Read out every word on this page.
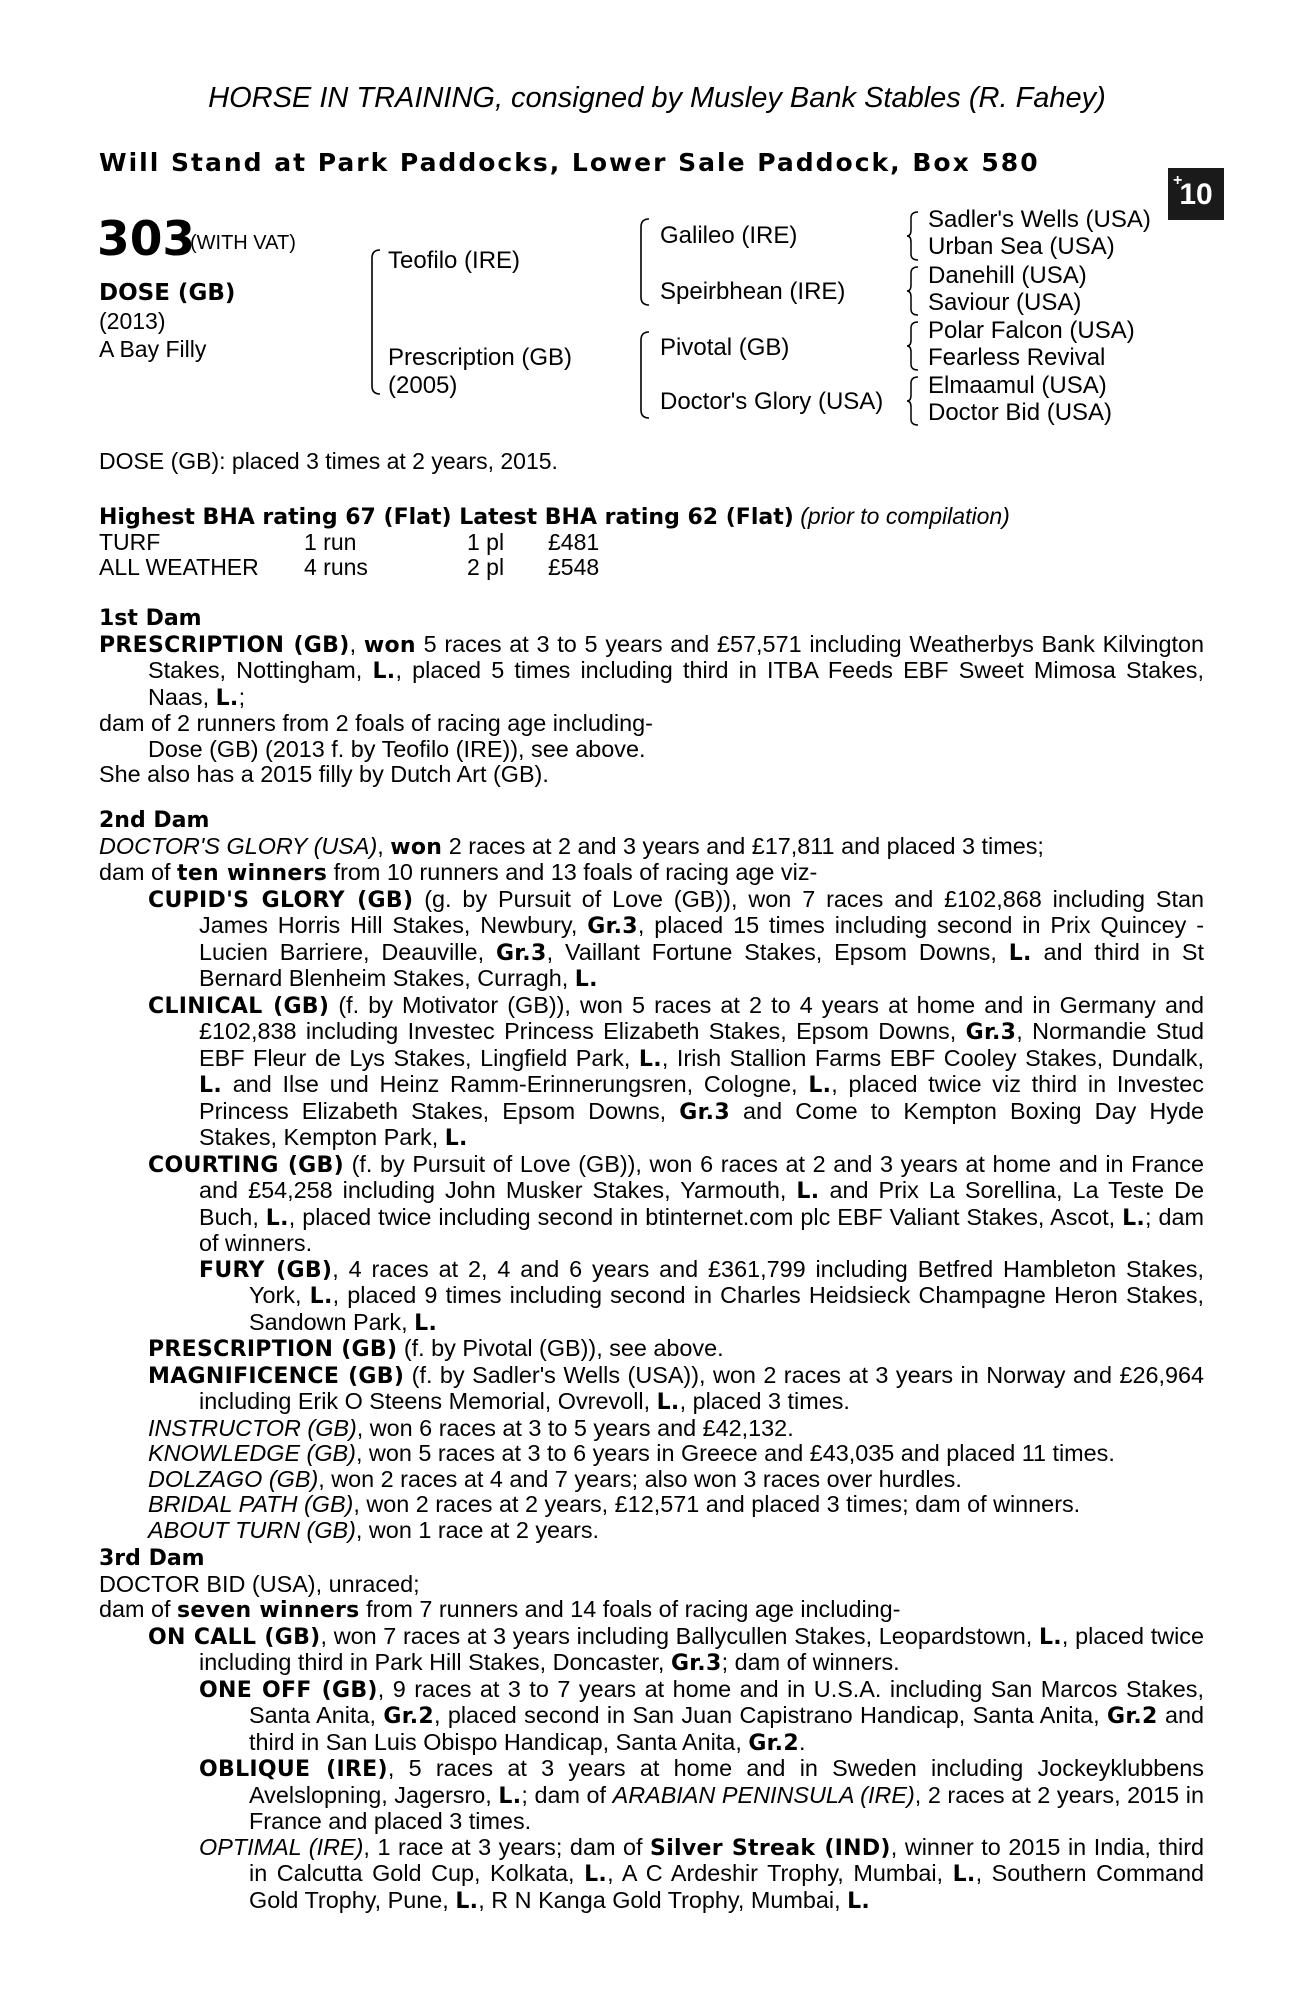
HORSE IN TRAINING, consigned by Musley Bank Stables (R. Fahey)
Will Stand at Park Paddocks, Lower Sale Paddock, Box 580
+
10
303
(WITH VAT)
DOSE (GB)
(2013)
A Bay Filly
Teofilo (IRE)
Prescription (GB)
(2005)
Galileo (IRE)
Speirbhean (IRE)
Pivotal (GB)
Doctor's Glory (USA)
Sadler's Wells (USA)
Urban Sea (USA)
Danehill (USA)
Saviour (USA)
Polar Falcon (USA)
Fearless Revival
Elmaamul (USA)
Doctor Bid (USA)
DOSE (GB): placed 3 times at 2 years, 2015.
Highest BHA rating 67 (Flat) Latest BHA rating 62 (Flat) (prior to compilation)
TURF	1 run	1 pl	£481
ALL WEATHER	4 runs	2 pl	£548

1st Dam

PRESCRIPTION (GB), won 5 races at 3 to 5 years and £57,571 including Weatherbys Bank Kilvington Stakes, Nottingham, L., placed 5 times including third in ITBA Feeds EBF Sweet Mimosa Stakes, Naas, L.;

dam of 2 runners from 2 foals of racing age including-

Dose (GB) (2013 f. by Teofilo (IRE)), see above.

She also has a 2015 filly by Dutch Art (GB).

2nd Dam

DOCTOR'S GLORY (USA), won 2 races at 2 and 3 years and £17,811 and placed 3 times;

dam of ten winners from 10 runners and 13 foals of racing age viz-

CUPID'S GLORY (GB) (g. by Pursuit of Love (GB)), won 7 races and £102,868 including Stan James Horris Hill Stakes, Newbury, Gr.3, placed 15 times including second in Prix Quincey - Lucien Barriere, Deauville, Gr.3, Vaillant Fortune Stakes, Epsom Downs, L. and third in St Bernard Blenheim Stakes, Curragh, L.

CLINICAL (GB) (f. by Motivator (GB)), won 5 races at 2 to 4 years at home and in Germany and £102,838 including Investec Princess Elizabeth Stakes, Epsom Downs, Gr.3, Normandie Stud EBF Fleur de Lys Stakes, Lingfield Park, L., Irish Stallion Farms EBF Cooley Stakes, Dundalk, L. and Ilse und Heinz Ramm-Erinnerungsren, Cologne, L., placed twice viz third in Investec Princess Elizabeth Stakes, Epsom Downs, Gr.3 and Come to Kempton Boxing Day Hyde Stakes, Kempton Park, L.

COURTING (GB) (f. by Pursuit of Love (GB)), won 6 races at 2 and 3 years at home and in France and £54,258 including John Musker Stakes, Yarmouth, L. and Prix La Sorellina, La Teste De Buch, L., placed twice including second in btinternet.com plc EBF Valiant Stakes, Ascot, L.; dam of winners.

FURY (GB), 4 races at 2, 4 and 6 years and £361,799 including Betfred Hambleton Stakes, York, L., placed 9 times including second in Charles Heidsieck Champagne Heron Stakes, Sandown Park, L.

PRESCRIPTION (GB) (f. by Pivotal (GB)), see above.

MAGNIFICENCE (GB) (f. by Sadler's Wells (USA)), won 2 races at 3 years in Norway and £26,964 including Erik O Steens Memorial, Ovrevoll, L., placed 3 times.

INSTRUCTOR (GB), won 6 races at 3 to 5 years and £42,132.

KNOWLEDGE (GB), won 5 races at 3 to 6 years in Greece and £43,035 and placed 11 times.

DOLZAGO (GB), won 2 races at 4 and 7 years; also won 3 races over hurdles.

BRIDAL PATH (GB), won 2 races at 2 years, £12,571 and placed 3 times; dam of winners.

ABOUT TURN (GB), won 1 race at 2 years.

3rd Dam

DOCTOR BID (USA), unraced;

dam of seven winners from 7 runners and 14 foals of racing age including-

ON CALL (GB), won 7 races at 3 years including Ballycullen Stakes, Leopardstown, L., placed twice including third in Park Hill Stakes, Doncaster, Gr.3; dam of winners.

ONE OFF (GB), 9 races at 3 to 7 years at home and in U.S.A. including San Marcos Stakes, Santa Anita, Gr.2, placed second in San Juan Capistrano Handicap, Santa Anita, Gr.2 and third in San Luis Obispo Handicap, Santa Anita, Gr.2.

OBLIQUE (IRE), 5 races at 3 years at home and in Sweden including Jockeyklubbens Avelslopning, Jagersro, L.; dam of ARABIAN PENINSULA (IRE), 2 races at 2 years, 2015 in France and placed 3 times.

OPTIMAL (IRE), 1 race at 3 years; dam of Silver Streak (IND), winner to 2015 in India, third in Calcutta Gold Cup, Kolkata, L., A C Ardeshir Trophy, Mumbai, L., Southern Command Gold Trophy, Pune, L., R N Kanga Gold Trophy, Mumbai, L.
